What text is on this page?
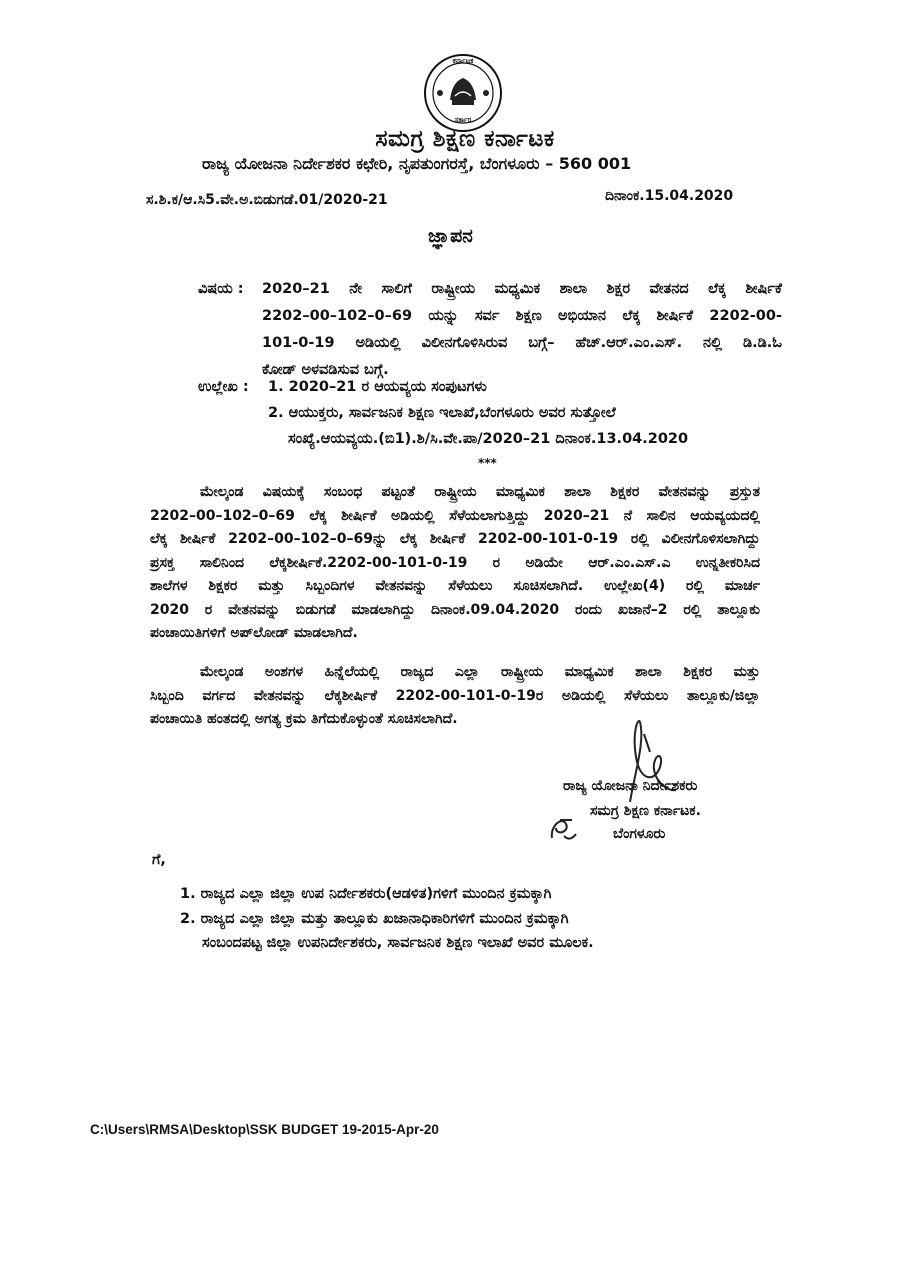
ಕರ್ನಾಟಕ
ಸರ್ಕಾರ
ಸಮಗ್ರ ಶಿಕ್ಷಣ ಕರ್ನಾಟಕ
ರಾಜ್ಯ ಯೋಜನಾ ನಿರ್ದೇಶಕರ ಕಛೇರಿ, ನೃಪತುಂಗರಸ್ತೆ, ಬೆಂಗಳೂರು – 560 001
ಸ.ಶಿ.ಕ/ಆ.ಸಿ5.ವೇ.ಅ.ಬಿಡುಗಡೆ.01/2020-21	ದಿನಾಂಕ.15.04.2020
ಜ್ಞಾಪನ
ವಿಷಯ : 2020–21 ನೇ ಸಾಲಿಗೆ ರಾಷ್ಟ್ರೀಯ ಮಧ್ಯಮಿಕ ಶಾಲಾ ಶಿಕ್ಷರ ವೇತನದ ಲೆಕ್ಕ ಶೀರ್ಷಿಕೆ
2202–00–102–0–69 ಯನ್ನು ಸರ್ವ ಶಿಕ್ಷಣ ಅಭಿಯಾನ ಲೆಕ್ಕ ಶೀರ್ಷಿಕೆ 2202-00-
101-0-19 ಅಡಿಯಲ್ಲಿ ವಿಲೀನಗೊಳಿಸಿರುವ ಬಗ್ಗೆ– ಹೆಚ್.ಆರ್.ಎಂ.ಎಸ್. ನಲ್ಲಿ ಡಿ.ಡಿ.ಓ
ಕೋಡ್ ಅಳವಡಿಸುವ ಬಗ್ಗೆ.
ಉಲ್ಲೇಖ : 1. 2020–21 ರ ಆಯವ್ಯಯ ಸಂಪುಟಗಳು
2. ಆಯುಕ್ತರು, ಸಾರ್ವಜನಿಕ ಶಿಕ್ಷಣ ಇಲಾಖೆ,ಬೆಂಗಳೂರು ಅವರ ಸುತ್ತೋಲೆ
ಸಂಖ್ಯೆ.ಆಯವ್ಯಯ.(ಬಿ1).ಶಿ/ಸಿ.ವೇ.ಪಾ/2020–21 ದಿನಾಂಕ.13.04.2020
***
ಮೇಲ್ಕಂಡ ವಿಷಯಕ್ಕೆ ಸಂಬಂಧ ಪಟ್ಟಂತೆ ರಾಷ್ಟ್ರೀಯ ಮಾಧ್ಯಮಿಕ ಶಾಲಾ ಶಿಕ್ಷಕರ ವೇತನವನ್ನು ಪ್ರಸ್ತುತ
2202–00–102–0–69 ಲೆಕ್ಕ ಶೀರ್ಷಿಕೆ ಅಡಿಯಲ್ಲಿ ಸೆಳೆಯಲಾಗುತ್ತಿದ್ದು 2020–21 ನೆ ಸಾಲಿನ ಆಯವ್ಯಯದಲ್ಲಿ
ಲೆಕ್ಕ ಶೀರ್ಷಿಕೆ 2202–00–102–0–69ನ್ನು ಲೆಕ್ಕ ಶೀರ್ಷಿಕೆ 2202-00-101-0-19 ರಲ್ಲಿ ವಿಲೀನಗೊಳಿಸಲಾಗಿದ್ದು
ಪ್ರಸಕ್ತ ಸಾಲಿನಿಂದ ಲೆಕ್ಕಶೀರ್ಷಿಕೆ.2202-00-101-0-19 ರ ಅಡಿಯೇ ಆರ್.ಎಂ.ಎಸ್.ಎ ಉನ್ನತೀಕರಿಸಿದ
ಶಾಲೆಗಳ ಶಿಕ್ಷಕರ ಮತ್ತು ಸಿಬ್ಬಂದಿಗಳ ವೇತನವನ್ನು ಸೆಳೆಯಲು ಸೂಚಿಸಲಾಗಿದೆ. ಉಲ್ಲೇಖ(4) ರಲ್ಲಿ ಮಾರ್ಚ
2020 ರ ವೇತನವನ್ನು ಬಿಡುಗಡೆ ಮಾಡಲಾಗಿದ್ದು ದಿನಾಂಕ.09.04.2020 ರಂದು ಖಜಾನೆ–2 ರಲ್ಲಿ ತಾಲ್ಲೂಕು
ಪಂಚಾಯಿತಿಗಳಿಗೆ ಅಪ್‌ಲೋಡ್ ಮಾಡಲಾಗಿದೆ.
ಮೇಲ್ಕಂಡ ಅಂಶಗಳ ಹಿನ್ನೆಲೆಯಲ್ಲಿ ರಾಜ್ಯದ ಎಲ್ಲಾ ರಾಷ್ಟ್ರೀಯ ಮಾಧ್ಯಮಿಕ ಶಾಲಾ ಶಿಕ್ಷಕರ ಮತ್ತು
ಸಿಬ್ಬಂದಿ ವರ್ಗದ ವೇತನವನ್ನು ಲೆಕ್ಕಶೀರ್ಷಿಕೆ 2202-00-101-0-19ರ ಅಡಿಯಲ್ಲಿ ಸೆಳೆಯಲು ತಾಲ್ಲೂಕು/ಜಿಲ್ಲಾ
ಪಂಚಾಯಿತಿ ಹಂತದಲ್ಲಿ ಅಗತ್ಯ ಕ್ರಮ ತಿಗೆದುಕೊಳ್ಳುಂತೆ ಸೂಚಿಸಲಾಗಿದೆ.
ರಾಜ್ಯ ಯೋಜನಾ ನಿರ್ದೇಶಕರು
ಸಮಗ್ರ ಶಿಕ್ಷಣ ಕರ್ನಾಟಕ.
ಬೆಂಗಳೂರು
ಗೆ,
1. ರಾಜ್ಯದ ಎಲ್ಲಾ ಜಿಲ್ಲಾ ಉಪ ನಿರ್ದೇಶಕರು(ಆಡಳಿತ)ಗಳಿಗೆ ಮುಂದಿನ ಕ್ರಮಕ್ಕಾಗಿ
2. ರಾಜ್ಯದ ಎಲ್ಲಾ ಜಿಲ್ಲಾ ಮತ್ತು ತಾಲ್ಲೂಕು ಖಜಾನಾಧಿಕಾರಿಗಳಿಗೆ ಮುಂದಿನ ಕ್ರಮಕ್ಕಾಗಿ
ಸಂಬಂದಪಟ್ಟ ಜಿಲ್ಲಾ ಉಪನಿರ್ದೇಶಕರು, ಸಾರ್ವಜನಿಕ ಶಿಕ್ಷಣ ಇಲಾಖೆ ಅವರ ಮೂಲಕ.
C:\Users\RMSA\Desktop\SSK BUDGET 19-2015-Apr-20
